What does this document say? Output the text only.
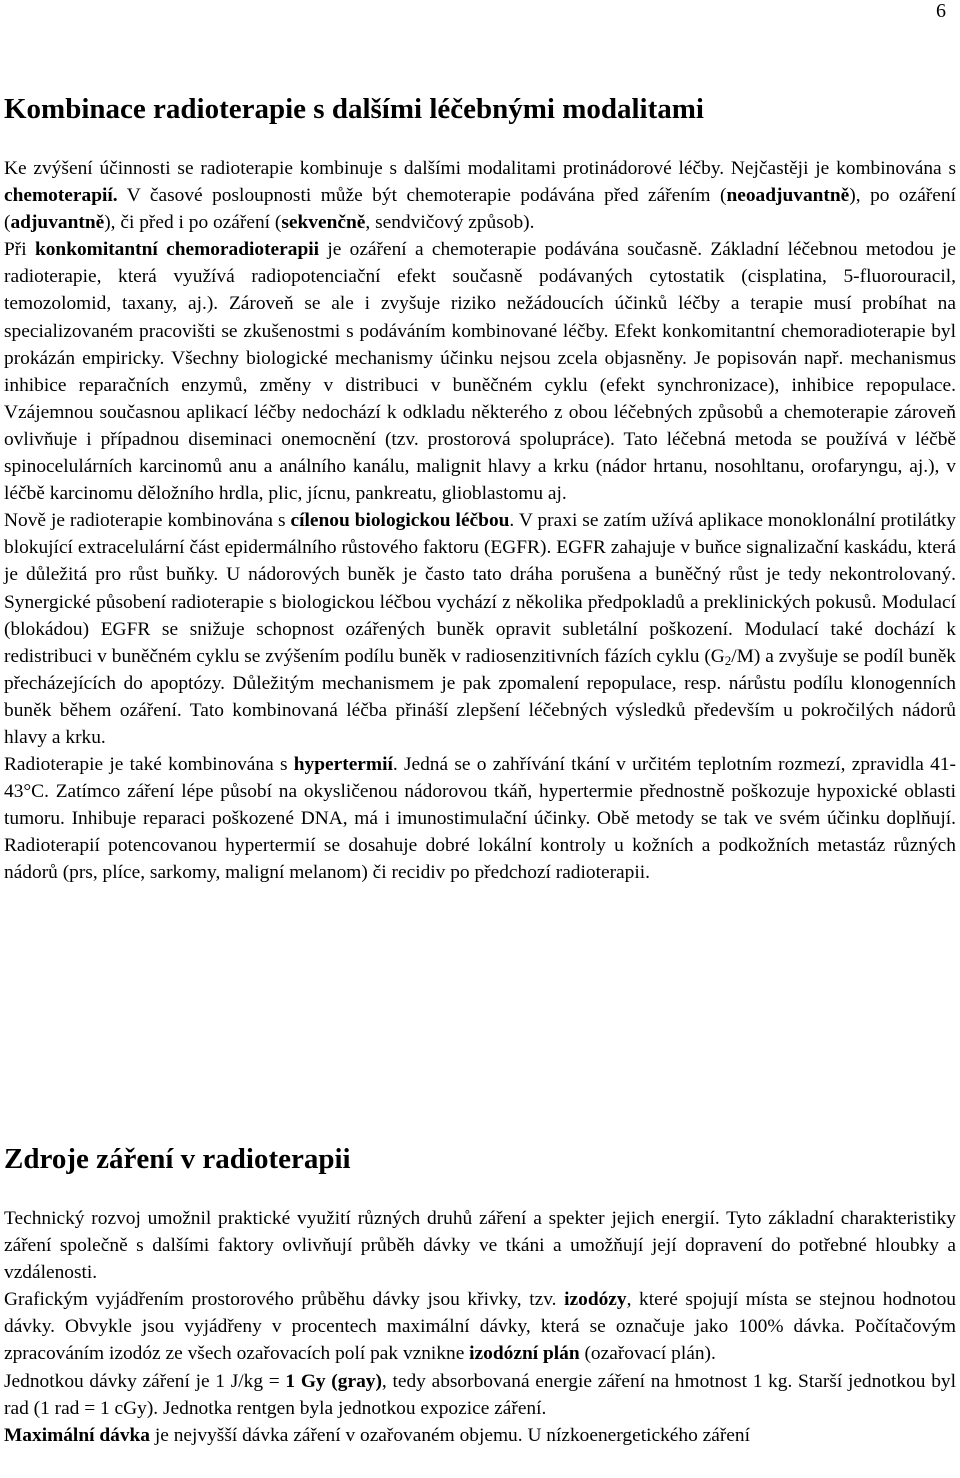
6
Kombinace radioterapie s dalšími léčebnými modalitami

Ke zvýšení účinnosti se radioterapie kombinuje s dalšími modalitami protinádorové léčby. Nejčastěji je kombinována s chemoterapií. V časové posloupnosti může být chemoterapie podávána před zářením (neoadjuvantně), po ozáření (adjuvantně), či před i po ozáření (sekvenčně, sendvičový způsob).

Při konkomitantní chemoradioterapii je ozáření a chemoterapie podávána současně. Základní léčebnou metodou je radioterapie, která využívá radiopotenciační efekt současně podávaných cytostatik (cisplatina, 5-fluorouracil, temozolomid, taxany, aj.). Zároveň se ale i zvyšuje riziko nežádoucích účinků léčby a terapie musí probíhat na specializovaném pracovišti se zkušenostmi s podáváním kombinované léčby. Efekt konkomitantní chemoradioterapie byl prokázán empiricky. Všechny biologické mechanismy účinku nejsou zcela objasněny. Je popisován např. mechanismus inhibice reparačních enzymů, změny v distribuci v buněčném cyklu (efekt synchronizace), inhibice repopulace. Vzájemnou současnou aplikací léčby nedochází k odkladu některého z obou léčebných způsobů a chemoterapie zároveň ovlivňuje i případnou diseminaci onemocnění (tzv. prostorová spolupráce). Tato léčebná metoda se používá v léčbě spinocelulárních karcinomů anu a análního kanálu, malignit hlavy a krku (nádor hrtanu, nosohltanu, orofaryngu, aj.), v léčbě karcinomu děložního hrdla, plic, jícnu, pankreatu, glioblastomu aj.

Nově je radioterapie kombinována s cílenou biologickou léčbou. V praxi se zatím užívá aplikace monoklonální protilátky blokující extracelulární část epidermálního růstového faktoru (EGFR). EGFR zahajuje v buňce signalizační kaskádu, která je důležitá pro růst buňky. U nádorových buněk je často tato dráha porušena a buněčný růst je tedy nekontrolovaný. Synergické působení radioterapie s biologickou léčbou vychází z několika předpokladů a preklinických pokusů. Modulací (blokádou) EGFR se snižuje schopnost ozářených buněk opravit subletální poškození. Modulací také dochází k redistribuci v buněčném cyklu se zvýšením podílu buněk v radiosenzitivních fázích cyklu $(G_2/M)$ a zvyšuje se podíl buněk přecházejících do apoptózy. Důležitým mechanismem je pak zpomalení repopulace, resp. nárůstu podílu klonogenních buněk během ozáření. Tato kombinovaná léčba přináší zlepšení léčebných výsledků především u pokročilých nádorů hlavy a krku.

Radioterapie je také kombinována s hypertermií. Jedná se o zahřívání tkání v určitém teplotním rozmezí, zpravidla 41-43°C. Zatímco záření lépe působí na okysličenou nádorovou tkáň, hypertermie přednostně poškozuje hypoxické oblasti tumoru. Inhibuje reparaci poškozené DNA, má i imunostimulační účinky. Obě metody se tak ve svém účinku doplňují. Radioterapií potencovanou hypertermií se dosahuje dobré lokální kontroly u kožních a podkožních metastáz různých nádorů (prs, plíce, sarkomy, maligní melanom) či recidiv po předchozí radioterapii.

Zdroje záření v radioterapii

Technický rozvoj umožnil praktické využití různých druhů záření a spekter jejich energií. Tyto základní charakteristiky záření společně s dalšími faktory ovlivňují průběh dávky ve tkáni a umožňují její dopravení do potřebné hloubky a vzdálenosti.

Grafickým vyjádřením prostorového průběhu dávky jsou křivky, tzv. izodózy, které spojují místa se stejnou hodnotou dávky. Obvykle jsou vyjádřeny v procentech maximální dávky, která se označuje jako 100% dávka. Počítačovým zpracováním izodóz ze všech ozařovacích polí pak vznikne izodózní plán (ozařovací plán).

Jednotkou dávky záření je 1 J/kg = 1 Gy (gray), tedy absorbovaná energie záření na hmotnost 1 kg. Starší jednotkou byl rad (1 rad = 1 cGy). Jednotka rentgen byla jednotkou expozice záření.

Maximální dávka je nejvyšší dávka záření v ozařovaném objemu. U nízkoenergetického záření
